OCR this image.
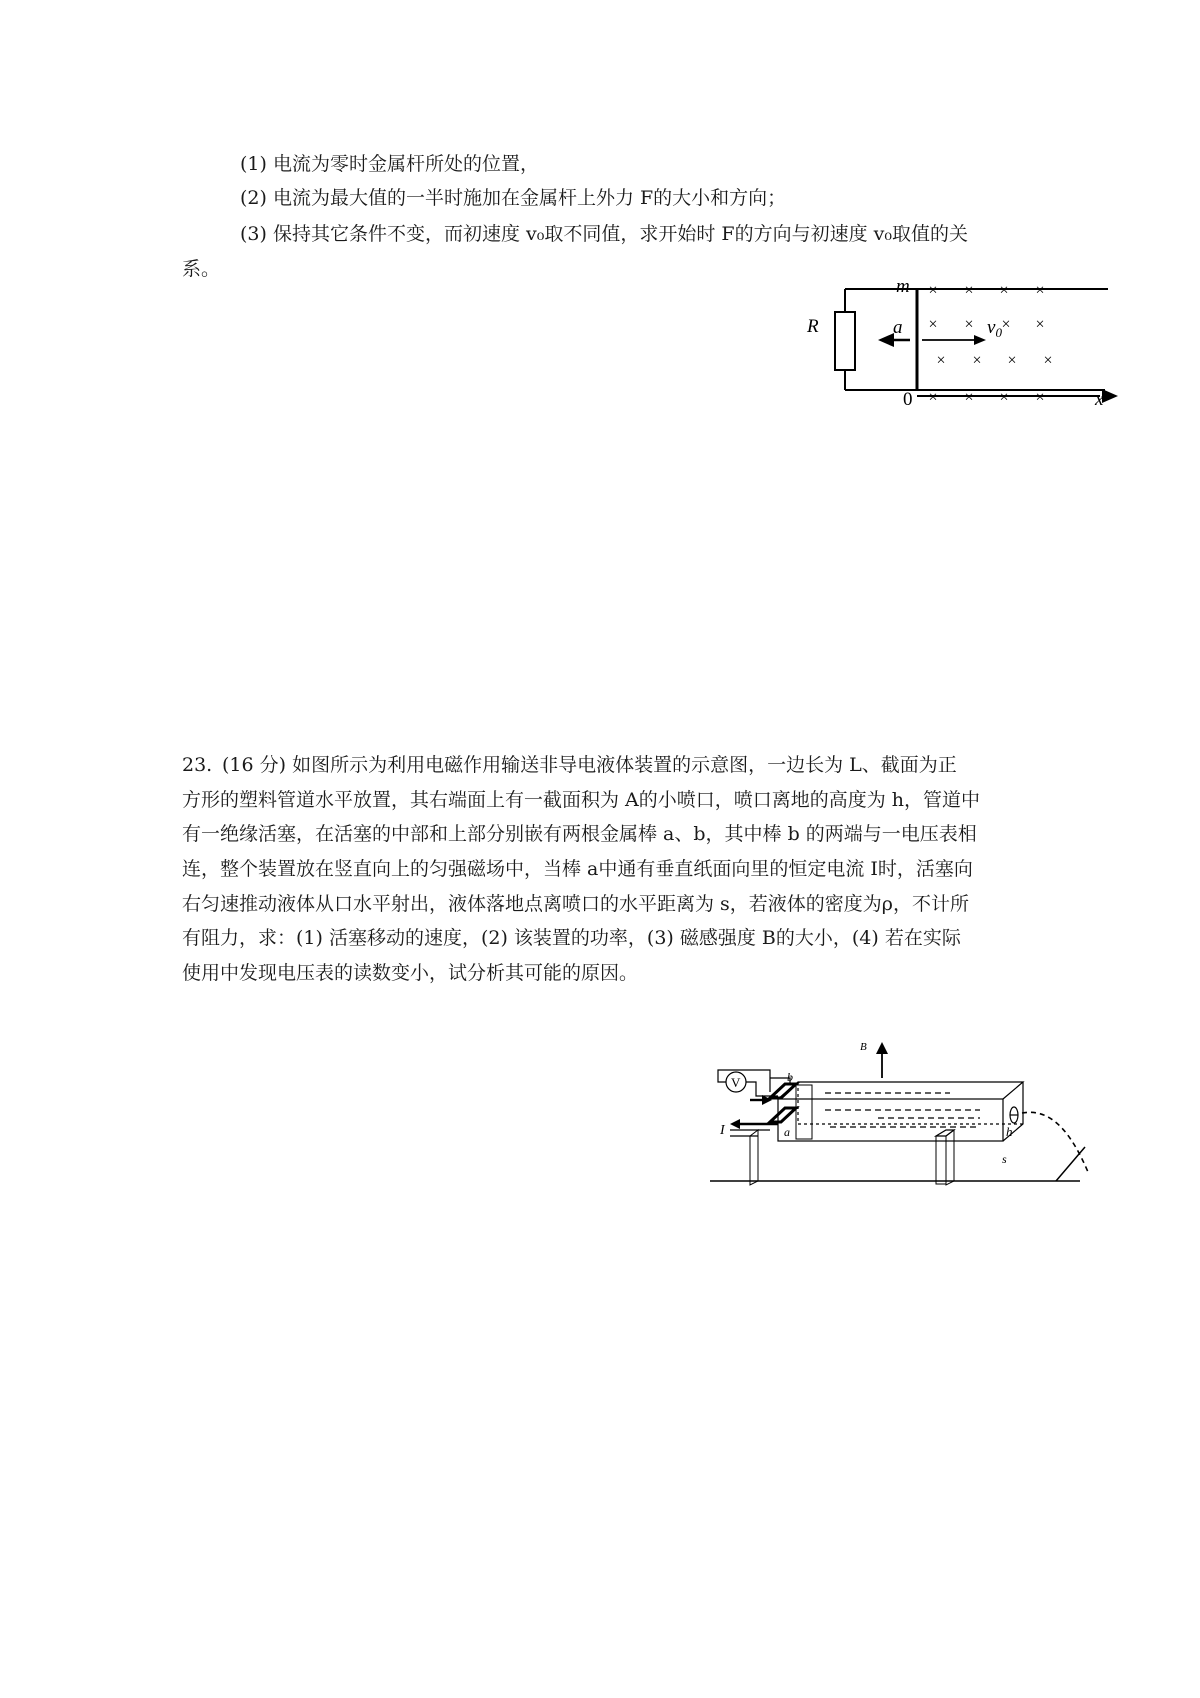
(1) 电流为零时金属杆所处的位置，
(2) 电流为最大值的一半时施加在金属杆上外力 F的大小和方向；
(3) 保持其它条件不变，而初速度 v₀取不同值，求开始时 F的方向与初速度 v₀取值的关
系。
× × × ×
× × × ×
× × × ×
× × × ×
R
m
a	$v_0$
x
0
23. (16 分) 如图所示为利用电磁作用输送非导电液体装置的示意图，一边长为 L、截面为正
方形的塑料管道水平放置，其右端面上有一截面积为 A的小喷口，喷口离地的高度为 h，管道中
有一绝缘活塞，在活塞的中部和上部分别嵌有两根金属棒 a、b，其中棒 b 的两端与一电压表相
连，整个装置放在竖直向上的匀强磁场中，当棒 a中通有垂直纸面向里的恒定电流 I时，活塞向
右匀速推动液体从口水平射出，液体落地点离喷口的水平距离为 s，若液体的密度为ρ，不计所
有阻力，求：(1) 活塞移动的速度，(2) 该装置的功率，(3) 磁感强度 B的大小，(4) 若在实际
使用中发现电压表的读数变小，试分析其可能的原因。
B
V	b
a
I	h
s
